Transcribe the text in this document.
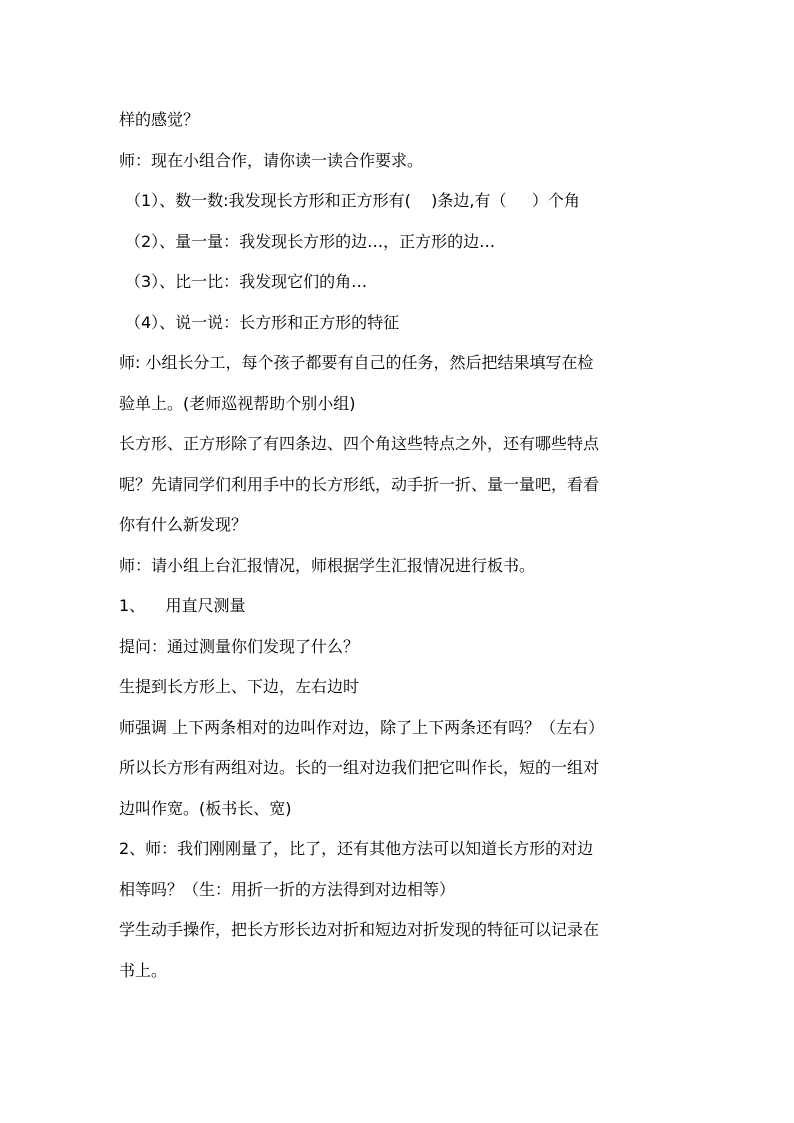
样的感觉？
师：现在小组合作，请你读一读合作要求。
（1）、数一数:我发现长方形和正方形有(    )条边,有（     ）个角
（2）、量一量：我发现长方形的边…，正方形的边…
（3）、比一比：我发现它们的角…
（4）、说一说：长方形和正方形的特征
师: 小组长分工，每个孩子都要有自己的任务，然后把结果填写在检
验单上。(老师巡视帮助个别小组)
长方形、正方形除了有四条边、四个角这些特点之外，还有哪些特点
呢？先请同学们利用手中的长方形纸，动手折一折、量一量吧，看看
你有什么新发现？
师：请小组上台汇报情况，师根据学生汇报情况进行板书。
1、    用直尺测量
提问：通过测量你们发现了什么？
生提到长方形上、下边，左右边时
师强调 上下两条相对的边叫作对边，除了上下两条还有吗？（左右）
所以长方形有两组对边。长的一组对边我们把它叫作长，短的一组对
边叫作宽。(板书长、宽)
2、师：我们刚刚量了，比了，还有其他方法可以知道长方形的对边
相等吗？（生：用折一折的方法得到对边相等）
学生动手操作，把长方形长边对折和短边对折发现的特征可以记录在
书上。
